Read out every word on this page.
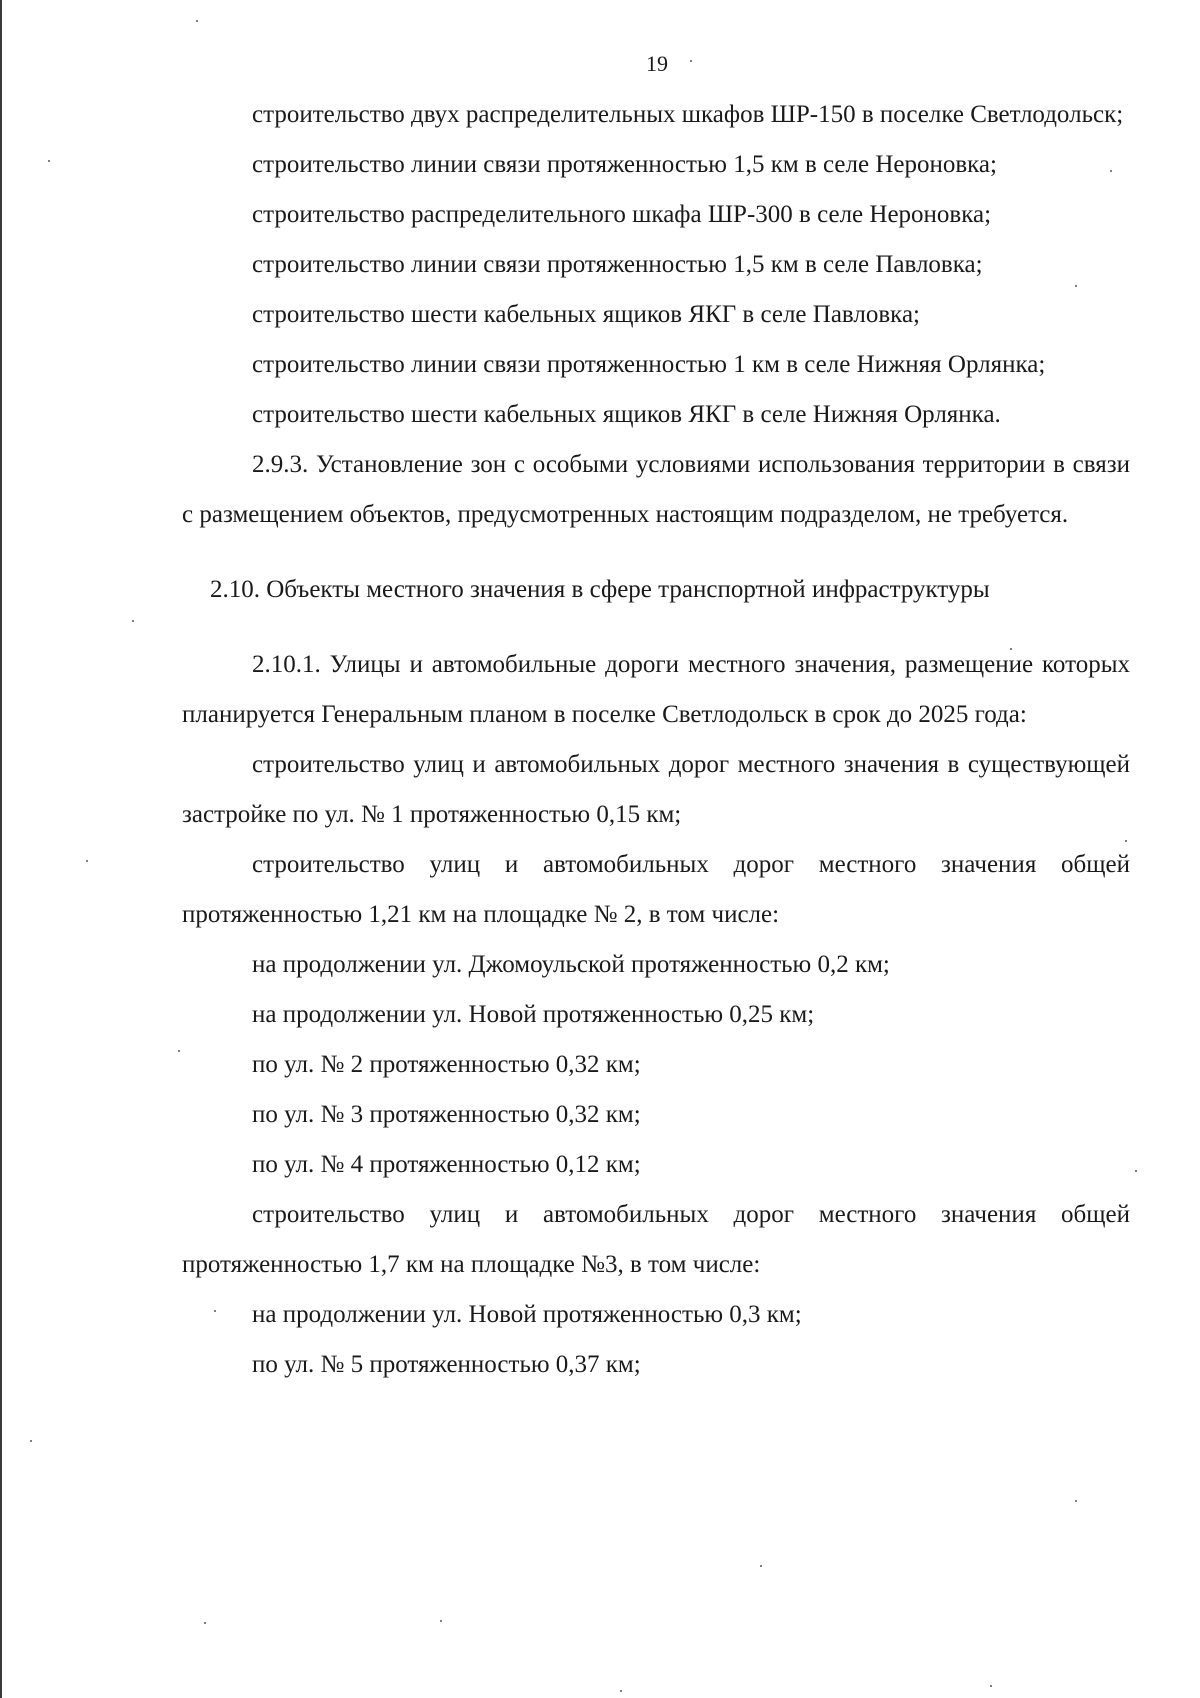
19

строительство двух распределительных шкафов ШР-150 в поселке Светлодольск;

строительство линии связи протяженностью 1,5 км в селе Нероновка;

строительство распределительного шкафа ШР-300 в селе Нероновка;

строительство линии связи протяженностью 1,5 км в селе Павловка;

строительство шести кабельных ящиков ЯКГ в селе Павловка;

строительство линии связи протяженностью 1 км в селе Нижняя Орлянка;

строительство шести кабельных ящиков ЯКГ в селе Нижняя Орлянка.

2.9.3. Установление зон с особыми условиями использования территории в связи с размещением объектов, предусмотренных настоящим подразделом, не требуется.

2.10. Объекты местного значения в сфере транспортной инфраструктуры

2.10.1. Улицы и автомобильные дороги местного значения, размещение которых планируется Генеральным планом в поселке Светлодольск в срок до 2025 года:

строительство улиц и автомобильных дорог местного значения в существующей застройке по ул. № 1 протяженностью 0,15 км;

строительство улиц и автомобильных дорог местного значения общей протяженностью 1,21 км на площадке № 2, в том числе:

на продолжении ул. Джомоульской протяженностью 0,2 км;

на продолжении ул. Новой протяженностью 0,25 км;

по ул. № 2 протяженностью 0,32 км;

по ул. № 3 протяженностью 0,32 км;

по ул. № 4 протяженностью 0,12 км;

строительство улиц и автомобильных дорог местного значения общей протяженностью 1,7 км на площадке №3, в том числе:

на продолжении ул. Новой протяженностью 0,3 км;

по ул. № 5 протяженностью 0,37 км;
